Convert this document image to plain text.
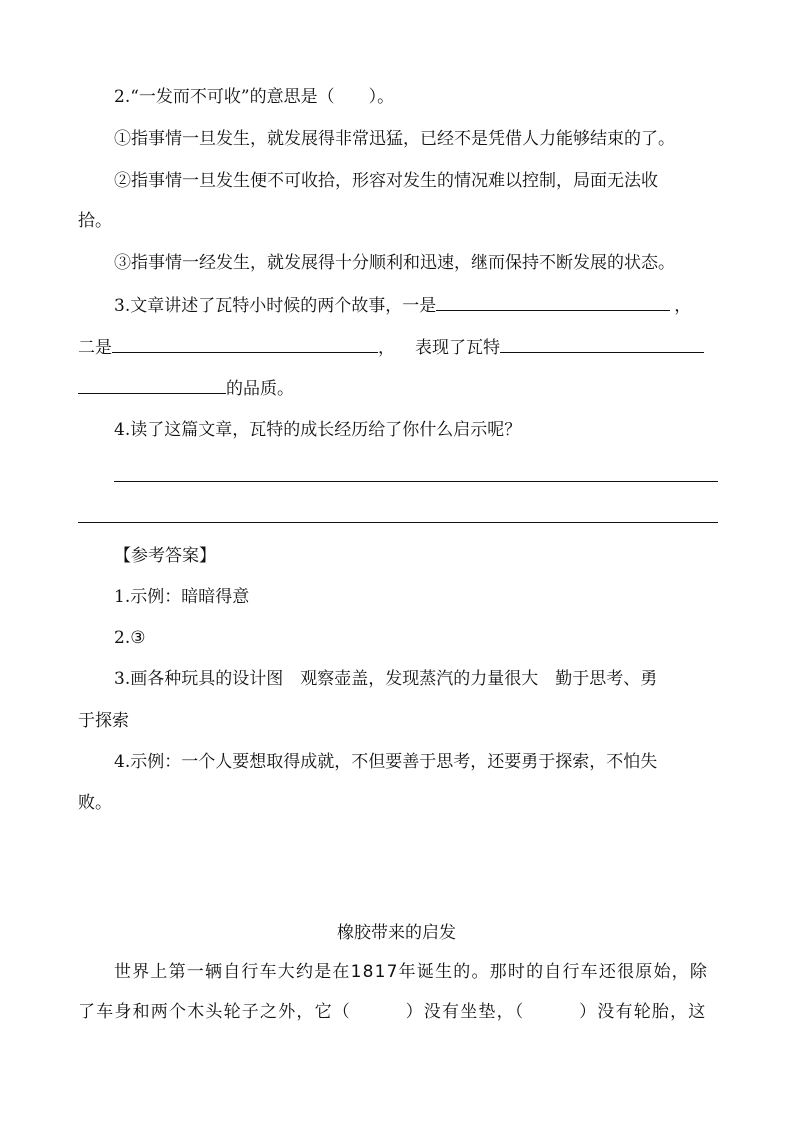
2.“一发而不可收”的意思是（　　）。
①指事情一旦发生，就发展得非常迅猛，已经不是凭借人力能够结束的了。
②指事情一旦发生便不可收拾，形容对发生的情况难以控制，局面无法收
拾。
③指事情一经发生，就发展得十分顺利和迅速，继而保持不断发展的状态。
3.文章讲述了瓦特小时候的两个故事，一是	，
二是	， 表现了瓦特
的品质。
4.读了这篇文章，瓦特的成长经历给了你什么启示呢？
【参考答案】
1.示例：暗暗得意
2.③
3.画各种玩具的设计图　观察壶盖，发现蒸汽的力量很大　勤于思考、勇
于探索
4.示例：一个人要想取得成就，不但要善于思考，还要勇于探索，不怕失
败。
橡胶带来的启发
世界上第一辆自行车大约是在1817年诞生的。那时的自行车还很原始，除
了车身和两个木头轮子之外，它（　　　）没有坐垫，（　　　）没有轮胎，这
